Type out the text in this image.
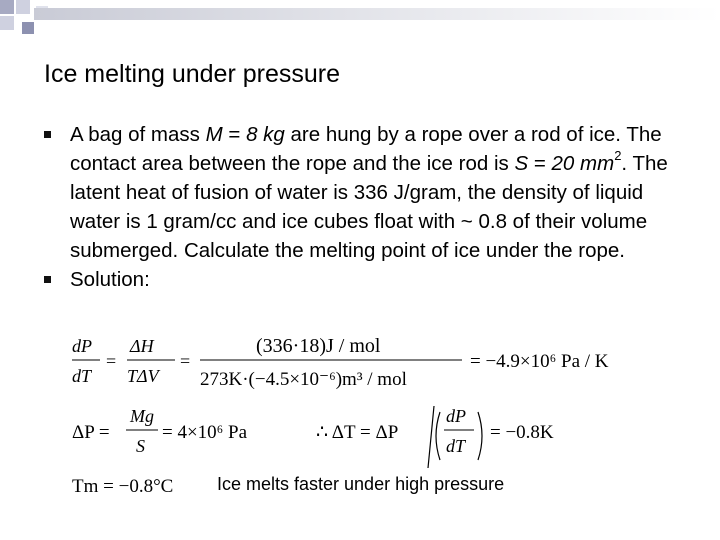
Ice melting under pressure
A bag of mass M = 8 kg are hung by a rope over a rod of ice. The contact area between the rope and the ice rod is S = 20 $mm^2$. The latent heat of fusion of water is 336 J/gram, the density of liquid water is 1 gram/cc and ice cubes float with ~ 0.8 of their volume submerged. Calculate the melting point of ice under the rope.
Solution:
dP
dT
=
ΔH
TΔV
=
(336·18)J / mol
273K·(−4.5×10⁻⁶)m³ / mol
= −4.9×10⁶ Pa / K
ΔP =
Mg
S
= 4×10⁶ Pa	∴ ΔT = ΔP
dP
dT
= −0.8K
Tm = −0.8°C Ice melts faster under high pressure
